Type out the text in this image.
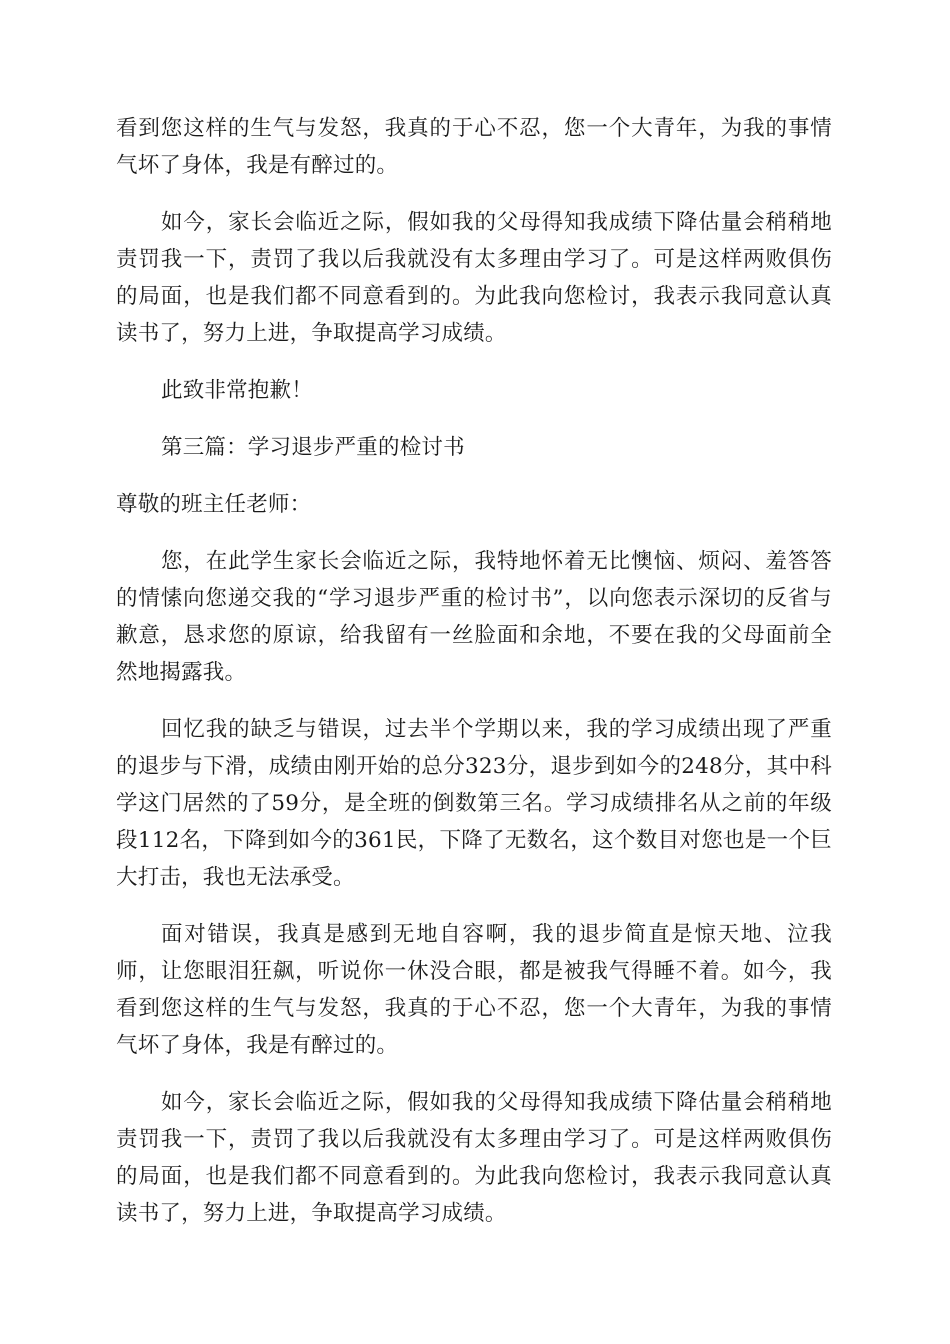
看到您这样的生气与发怒，我真的于心不忍，您一个大青年，为我的事情气坏了身体，我是有醉过的。

如今，家长会临近之际，假如我的父母得知我成绩下降估量会稍稍地责罚我一下，责罚了我以后我就没有太多理由学习了。可是这样两败俱伤的局面，也是我们都不同意看到的。为此我向您检讨，我表示我同意认真读书了，努力上进，争取提高学习成绩。

此致非常抱歉！

第三篇：学习退步严重的检讨书

尊敬的班主任老师：

您，在此学生家长会临近之际，我特地怀着无比懊恼、烦闷、羞答答的情愫向您递交我的“学习退步严重的检讨书”，以向您表示深切的反省与歉意，恳求您的原谅，给我留有一丝脸面和余地，不要在我的父母面前全然地揭露我。

回忆我的缺乏与错误，过去半个学期以来，我的学习成绩出现了严重的退步与下滑，成绩由刚开始的总分323分，退步到如今的248分，其中科学这门居然的了59分，是全班的倒数第三名。学习成绩排名从之前的年级段112名，下降到如今的361民，下降了无数名，这个数目对您也是一个巨大打击，我也无法承受。

面对错误，我真是感到无地自容啊，我的退步简直是惊天地、泣我师，让您眼泪狂飙，听说你一休没合眼，都是被我气得睡不着。如今，我看到您这样的生气与发怒，我真的于心不忍，您一个大青年，为我的事情气坏了身体，我是有醉过的。

如今，家长会临近之际，假如我的父母得知我成绩下降估量会稍稍地责罚我一下，责罚了我以后我就没有太多理由学习了。可是这样两败俱伤的局面，也是我们都不同意看到的。为此我向您检讨，我表示我同意认真读书了，努力上进，争取提高学习成绩。
